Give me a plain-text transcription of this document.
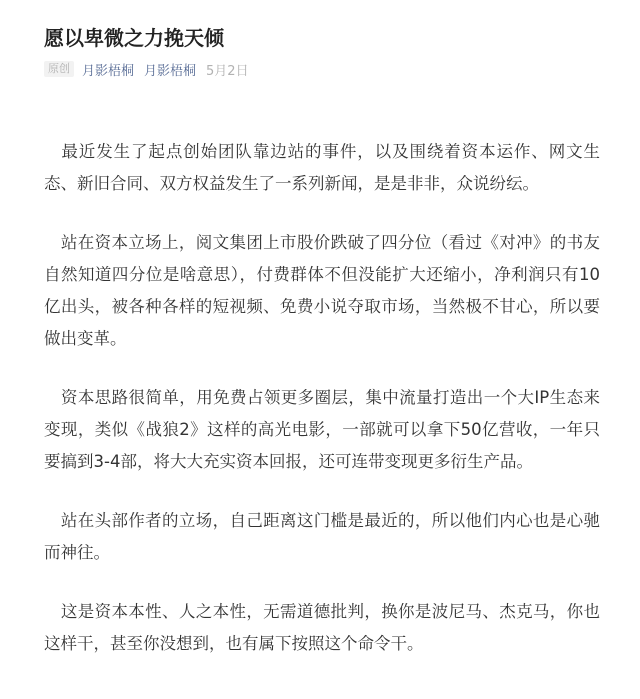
愿以卑微之力挽天倾
原创 月影梧桐 月影梧桐 5月2日

　最近发生了起点创始团队靠边站的事件，以及围绕着资本运作、网文生态、新旧合同、双方权益发生了一系列新闻，是是非非，众说纷纭。

　站在资本立场上，阅文集团上市股价跌破了四分位（看过《对冲》的书友自然知道四分位是啥意思），付费群体不但没能扩大还缩小，净利润只有10亿出头，被各种各样的短视频、免费小说夺取市场，当然极不甘心，所以要做出变革。

　资本思路很简单，用免费占领更多圈层，集中流量打造出一个大IP生态来变现，类似《战狼2》这样的高光电影，一部就可以拿下50亿营收，一年只要搞到3-4部，将大大充实资本回报，还可连带变现更多衍生产品。

　站在头部作者的立场，自己距离这门槛是最近的，所以他们内心也是心驰而神往。

　这是资本本性、人之本性，无需道德批判，换你是波尼马、杰克马，你也这样干，甚至你没想到，也有属下按照这个命令干。
